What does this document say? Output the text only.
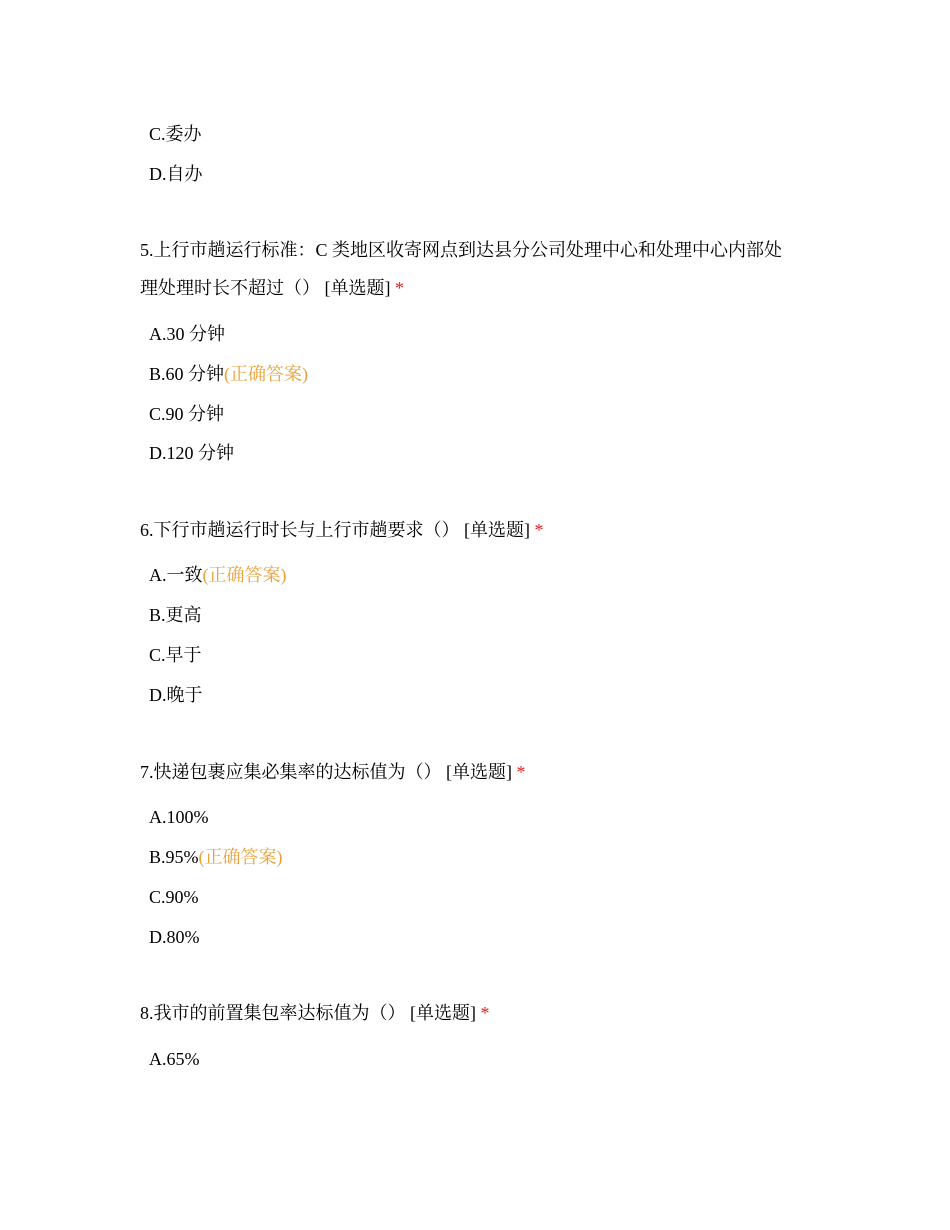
C.委办
D.自办
5.上行市趟运行标准：C 类地区收寄网点到达县分公司处理中心和处理中心内部处
理处理时长不超过（） [单选题] *
A.30 分钟
B.60 分钟(正确答案)
C.90 分钟
D.120 分钟
6.下行市趟运行时长与上行市趟要求（） [单选题] *
A.一致(正确答案)
B.更高
C.早于
D.晚于
7.快递包裹应集必集率的达标值为（） [单选题] *
A.100%
B.95%(正确答案)
C.90%
D.80%
8.我市的前置集包率达标值为（） [单选题] *
A.65%
